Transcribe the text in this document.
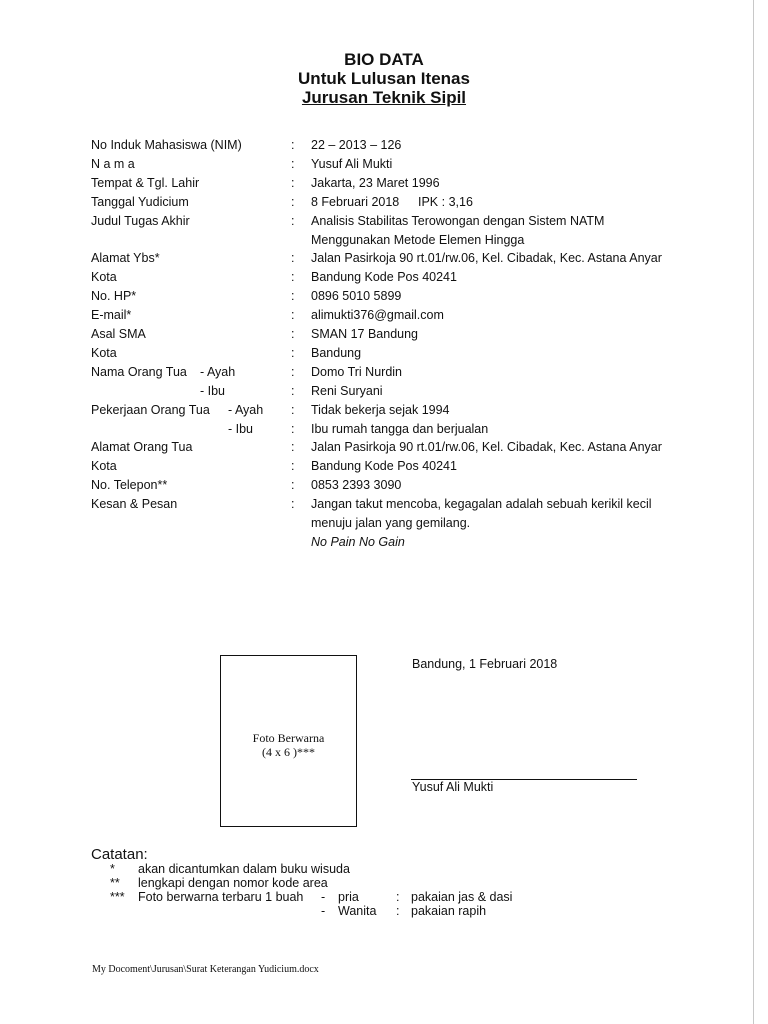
BIO DATA
Untuk Lulusan Itenas
Jurusan Teknik Sipil
No Induk Mahasiswa (NIM)	: 22 – 2013 – 126
N a m a	: Yusuf Ali Mukti
Tempat & Tgl. Lahir	: Jakarta, 23 Maret 1996
Tanggal Yudicium	: 8 Februari 2018 IPK : 3,16
Judul Tugas Akhir	: Analisis Stabilitas Terowongan dengan Sistem NATM
Menggunakan Metode Elemen Hingga
Alamat Ybs*	: Jalan Pasirkoja 90 rt.01/rw.06, Kel. Cibadak, Kec. Astana Anyar
Kota	: Bandung Kode Pos 40241
No. HP*	: 0896 5010 5899
E-mail*	: alimukti376@gmail.com
Asal SMA	: SMAN 17 Bandung
Kota	: Bandung
Nama Orang Tua - Ayah	: Domo Tri Nurdin
- Ibu	: Reni Suryani
Pekerjaan Orang Tua - Ayah : Tidak bekerja sejak 1994
- Ibu	: Ibu rumah tangga dan berjualan
Alamat Orang Tua	: Jalan Pasirkoja 90 rt.01/rw.06, Kel. Cibadak, Kec. Astana Anyar
Kota	: Bandung Kode Pos 40241
No. Telepon**	: 0853 2393 3090
Kesan & Pesan	: Jangan takut mencoba, kegagalan adalah sebuah kerikil kecil
menuju jalan yang gemilang.
No Pain No Gain
Foto Berwarna
(4 x 6 )***
Bandung, 1 Februari 2018
Yusuf Ali Mukti
Catatan:
* akan dicantumkan dalam buku wisuda
** lengkapi dengan nomor kode area
*** Foto berwarna terbaru 1 buah - pria	: pakaian jas & dasi
- Wanita : pakaian rapih
My Docoment\Jurusan\Surat Keterangan Yudicium.docx
